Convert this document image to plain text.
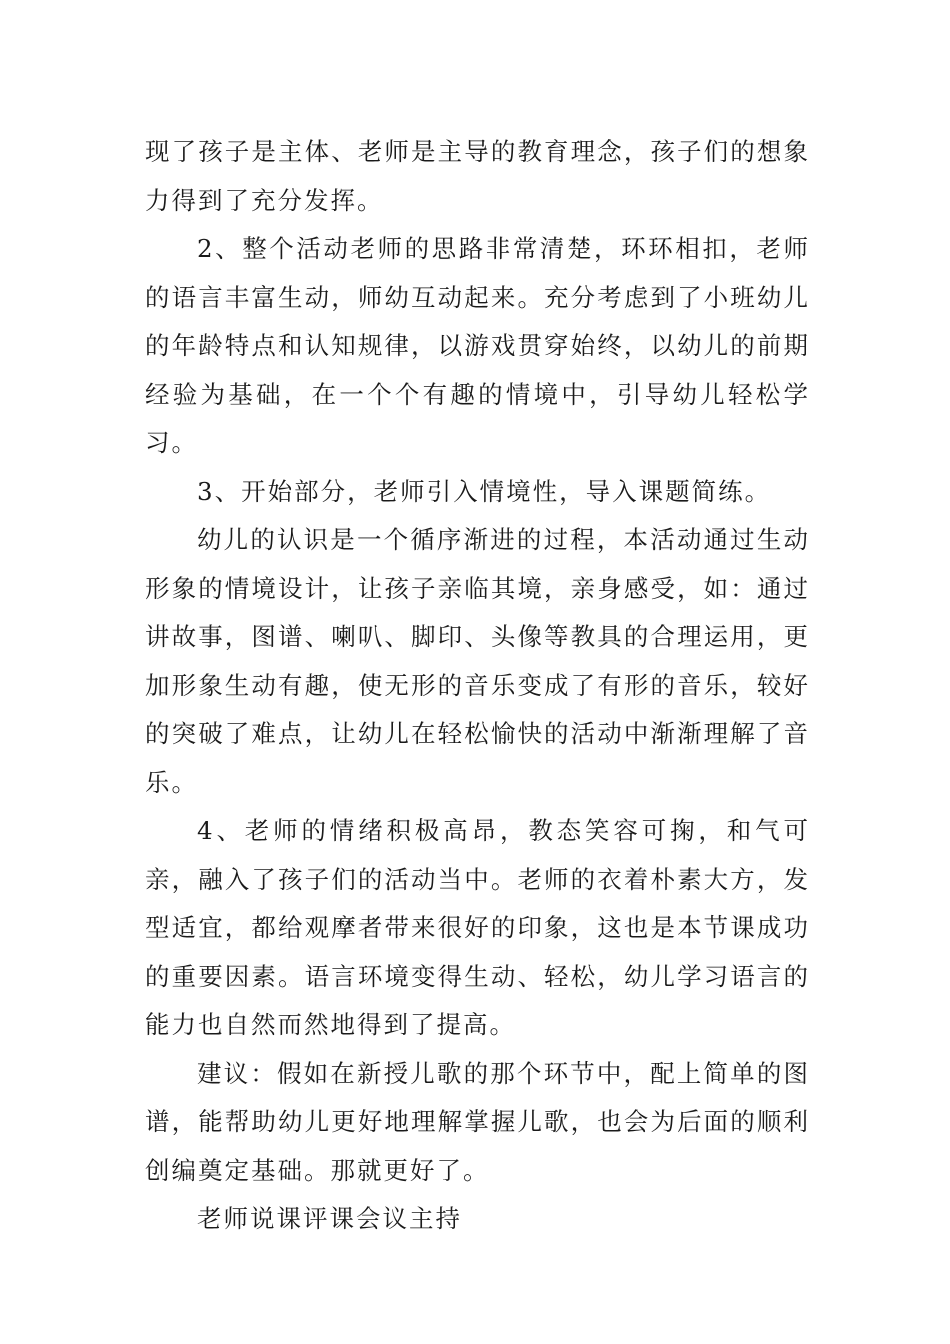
现了孩子是主体、老师是主导的教育理念，孩子们的想象力得到了充分发挥。

2、整个活动老师的思路非常清楚，环环相扣，老师的语言丰富生动，师幼互动起来。充分考虑到了小班幼儿的年龄特点和认知规律，以游戏贯穿始终，以幼儿的前期经验为基础，在一个个有趣的情境中，引导幼儿轻松学习。

3、开始部分，老师引入情境性，导入课题简练。

幼儿的认识是一个循序渐进的过程，本活动通过生动形象的情境设计，让孩子亲临其境，亲身感受，如：通过讲故事，图谱、喇叭、脚印、头像等教具的合理运用，更加形象生动有趣，使无形的音乐变成了有形的音乐，较好的突破了难点，让幼儿在轻松愉快的活动中渐渐理解了音乐。

4、老师的情绪积极高昂，教态笑容可掬，和气可亲，融入了孩子们的活动当中。老师的衣着朴素大方，发型适宜，都给观摩者带来很好的印象，这也是本节课成功的重要因素。语言环境变得生动、轻松，幼儿学习语言的能力也自然而然地得到了提高。

建议：假如在新授儿歌的那个环节中，配上简单的图谱，能帮助幼儿更好地理解掌握儿歌，也会为后面的顺利创编奠定基础。那就更好了。

老师说课评课会议主持
